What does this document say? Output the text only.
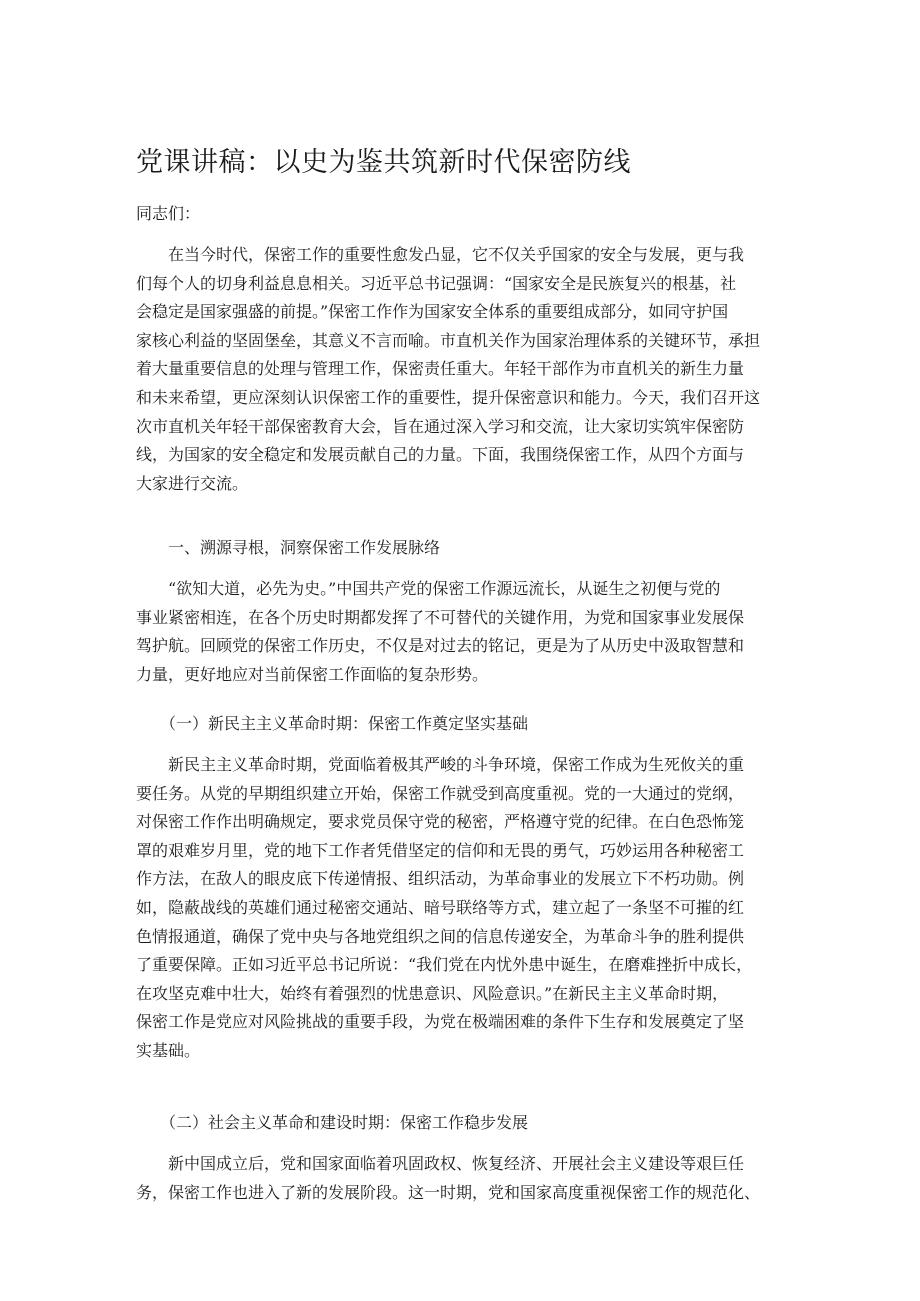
党课讲稿：以史为鉴共筑新时代保密防线

同志们：

　　在当今时代，保密工作的重要性愈发凸显，它不仅关乎国家的安全与发展，更与我
们每个人的切身利益息息相关。习近平总书记强调：“国家安全是民族复兴的根基，社
会稳定是国家强盛的前提。”保密工作作为国家安全体系的重要组成部分，如同守护国
家核心利益的坚固堡垒，其意义不言而喻。市直机关作为国家治理体系的关键环节，承担
着大量重要信息的处理与管理工作，保密责任重大。年轻干部作为市直机关的新生力量
和未来希望，更应深刻认识保密工作的重要性，提升保密意识和能力。今天，我们召开这
次市直机关年轻干部保密教育大会，旨在通过深入学习和交流，让大家切实筑牢保密防
线，为国家的安全稳定和发展贡献自己的力量。下面，我围绕保密工作，从四个方面与
大家进行交流。

　　一、溯源寻根，洞察保密工作发展脉络

　　“欲知大道，必先为史。”中国共产党的保密工作源远流长，从诞生之初便与党的
事业紧密相连，在各个历史时期都发挥了不可替代的关键作用，为党和国家事业发展保
驾护航。回顾党的保密工作历史，不仅是对过去的铭记，更是为了从历史中汲取智慧和
力量，更好地应对当前保密工作面临的复杂形势。

　　（一）新民主主义革命时期：保密工作奠定坚实基础

　　新民主主义革命时期，党面临着极其严峻的斗争环境，保密工作成为生死攸关的重
要任务。从党的早期组织建立开始，保密工作就受到高度重视。党的一大通过的党纲，
对保密工作作出明确规定，要求党员保守党的秘密，严格遵守党的纪律。在白色恐怖笼
罩的艰难岁月里，党的地下工作者凭借坚定的信仰和无畏的勇气，巧妙运用各种秘密工
作方法，在敌人的眼皮底下传递情报、组织活动，为革命事业的发展立下不朽功勋。例
如，隐蔽战线的英雄们通过秘密交通站、暗号联络等方式，建立起了一条坚不可摧的红
色情报通道，确保了党中央与各地党组织之间的信息传递安全，为革命斗争的胜利提供
了重要保障。正如习近平总书记所说：“我们党在内忧外患中诞生，在磨难挫折中成长，
在攻坚克难中壮大，始终有着强烈的忧患意识、风险意识。”在新民主主义革命时期，
保密工作是党应对风险挑战的重要手段，为党在极端困难的条件下生存和发展奠定了坚
实基础。

　　（二）社会主义革命和建设时期：保密工作稳步发展

　　新中国成立后，党和国家面临着巩固政权、恢复经济、开展社会主义建设等艰巨任
务，保密工作也进入了新的发展阶段。这一时期，党和国家高度重视保密工作的规范化、
